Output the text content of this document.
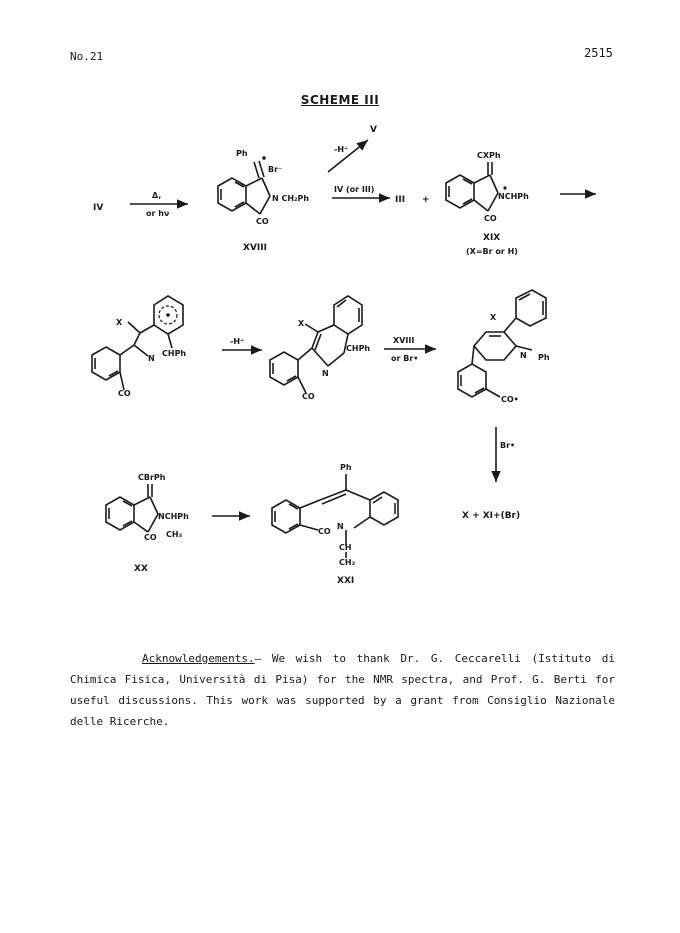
No.21	2515
SCHEME III
IV
Δ,
or hν
Ph
Br⁻
N CH₂Ph
CO
XVIII
-H⁺
V
IV (or III)
III +
CXPh
NCHPh
CO
XIX
(X=Br or H)
X
N
CHPh
CO
-H⁺
X
CHPh
N
CO
XVIII
or Br•
X
N Ph
CO•
Br•
CBrPh
NCHPh
CO CH₃
XX
Ph
CO
N
CH
CH₃
XXI
X + XI+(Br)
Acknowledgements.– We wish to thank Dr. G. Ceccarelli (Istituto di Chimica Fisica, Università di Pisa) for the NMR spectra, and Prof. G. Berti for useful discussions. This work was supported by a grant from Consiglio Nazionale delle Ricerche.
